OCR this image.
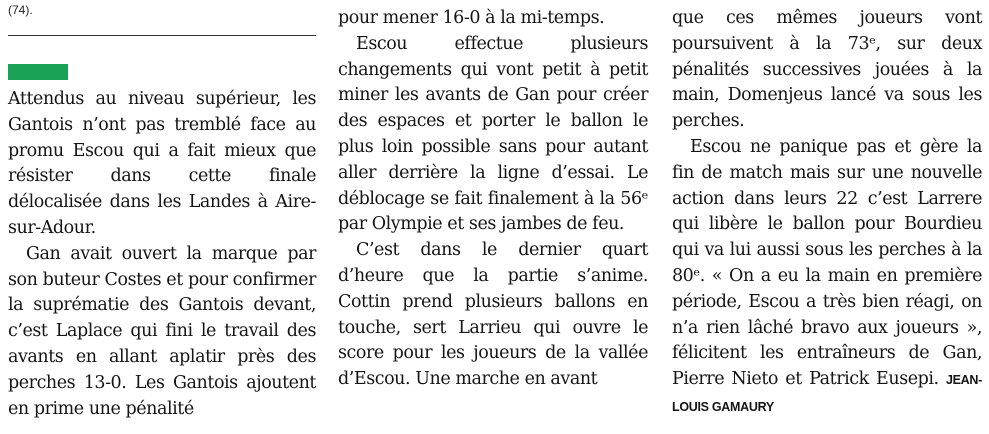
(74).

Attendus au niveau supérieur, les Gantois n’ont pas tremblé face au promu Escou qui a fait mieux que résister dans cette finale délocalisée dans les Landes à Aire-sur-Adour.

Gan avait ouvert la marque par son buteur Costes et pour confirmer la suprématie des Gantois devant, c’est Laplace qui fini le travail des avants en allant aplatir près des perches 13-0. Les Gantois ajoutent en prime une pénalité

pour mener 16-0 à la mi-temps.

Escou effectue plusieurs changements qui vont petit à petit miner les avants de Gan pour créer des espaces et porter le ballon le plus loin possible sans pour autant aller derrière la ligne d’essai. Le déblocage se fait finalement à la 56ᵉ par Olympie et ses jambes de feu.

C’est dans le dernier quart d’heure que la partie s’anime. Cottin prend plusieurs ballons en touche, sert Larrieu qui ouvre le score pour les joueurs de la vallée d’Escou. Une marche en avant

que ces mêmes joueurs vont poursuivent à la 73ᵉ, sur deux pénalités successives jouées à la main, Domenjeus lancé va sous les perches.

Escou ne panique pas et gère la fin de match mais sur une nouvelle action dans leurs 22 c’est Larrere qui libère le ballon pour Bourdieu qui va lui aussi sous les perches à la 80ᵉ. « On a eu la main en première période, Escou a très bien réagi, on n’a rien lâché bravo aux joueurs », félicitent les entraîneurs de Gan, Pierre Nieto et Patrick Eusepi. JEAN-LOUIS GAMAURY
